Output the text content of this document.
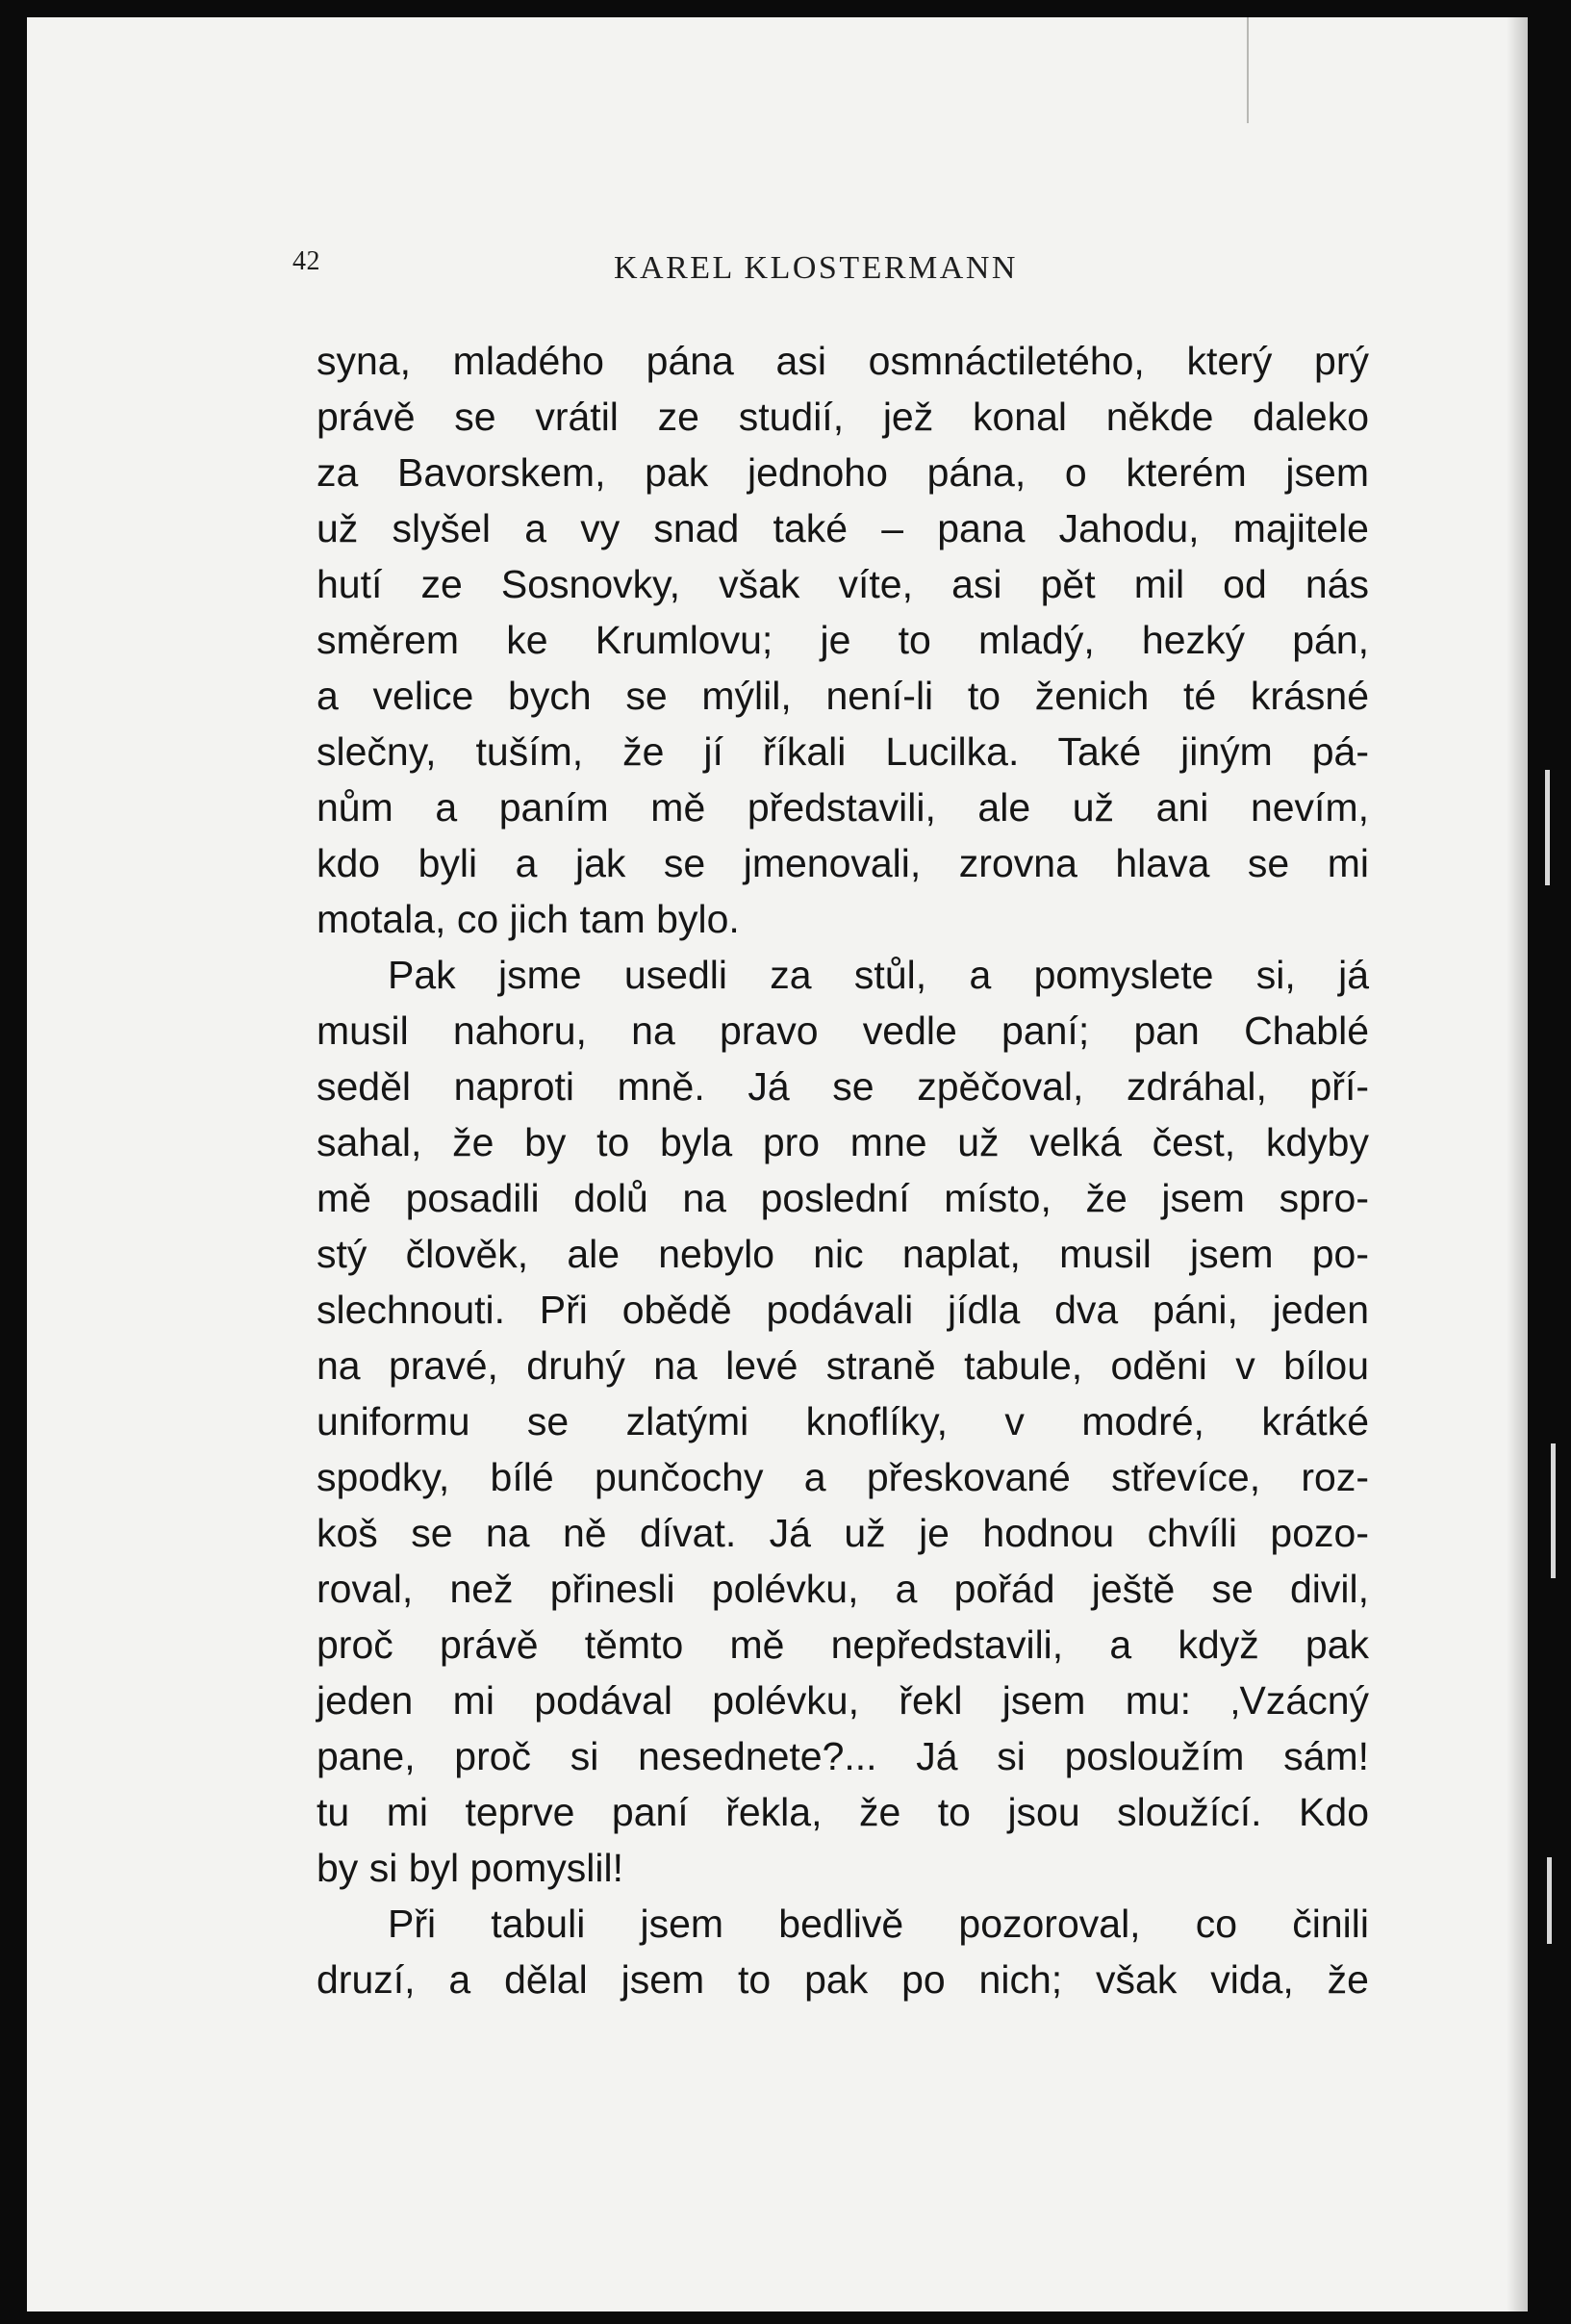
42	KAREL KLOSTERMANN
syna, mladého pána asi osmnáctiletého, který prý
právě se vrátil ze studií, jež konal někde daleko
za Bavorskem, pak jednoho pána, o kterém jsem
už slyšel a vy snad také – pana Jahodu, majitele
hutí ze Sosnovky, však víte, asi pět mil od nás
směrem ke Krumlovu; je to mladý, hezký pán,
a velice bych se mýlil, není-li to ženich té krásné
slečny, tuším, že jí říkali Lucilka. Také jiným pá-
nům a paním mě představili, ale už ani nevím,
kdo byli a jak se jmenovali, zrovna hlava se mi
motala, co jich tam bylo.
Pak jsme usedli za stůl, a pomyslete si, já
musil nahoru, na pravo vedle paní; pan Chablé
seděl naproti mně. Já se zpěčoval, zdráhal, pří-
sahal, že by to byla pro mne už velká čest, kdyby
mě posadili dolů na poslední místo, že jsem spro-
stý člověk, ale nebylo nic naplat, musil jsem po-
slechnouti. Při obědě podávali jídla dva páni, jeden
na pravé, druhý na levé straně tabule, oděni v bílou
uniformu se zlatými knoflíky, v modré, krátké
spodky, bílé punčochy a přeskované střevíce, roz-
koš se na ně dívat. Já už je hodnou chvíli pozo-
roval, než přinesli polévku, a pořád ještě se divil,
proč právě těmto mě nepředstavili, a když pak
jeden mi podával polévku, řekl jsem mu: ‚Vzácný
pane, proč si nesednete?... Já si posloužím sám!
tu mi teprve paní řekla, že to jsou sloužící. Kdo
by si byl pomyslil!
Při tabuli jsem bedlivě pozoroval, co činili
druzí, a dělal jsem to pak po nich; však vida, že
